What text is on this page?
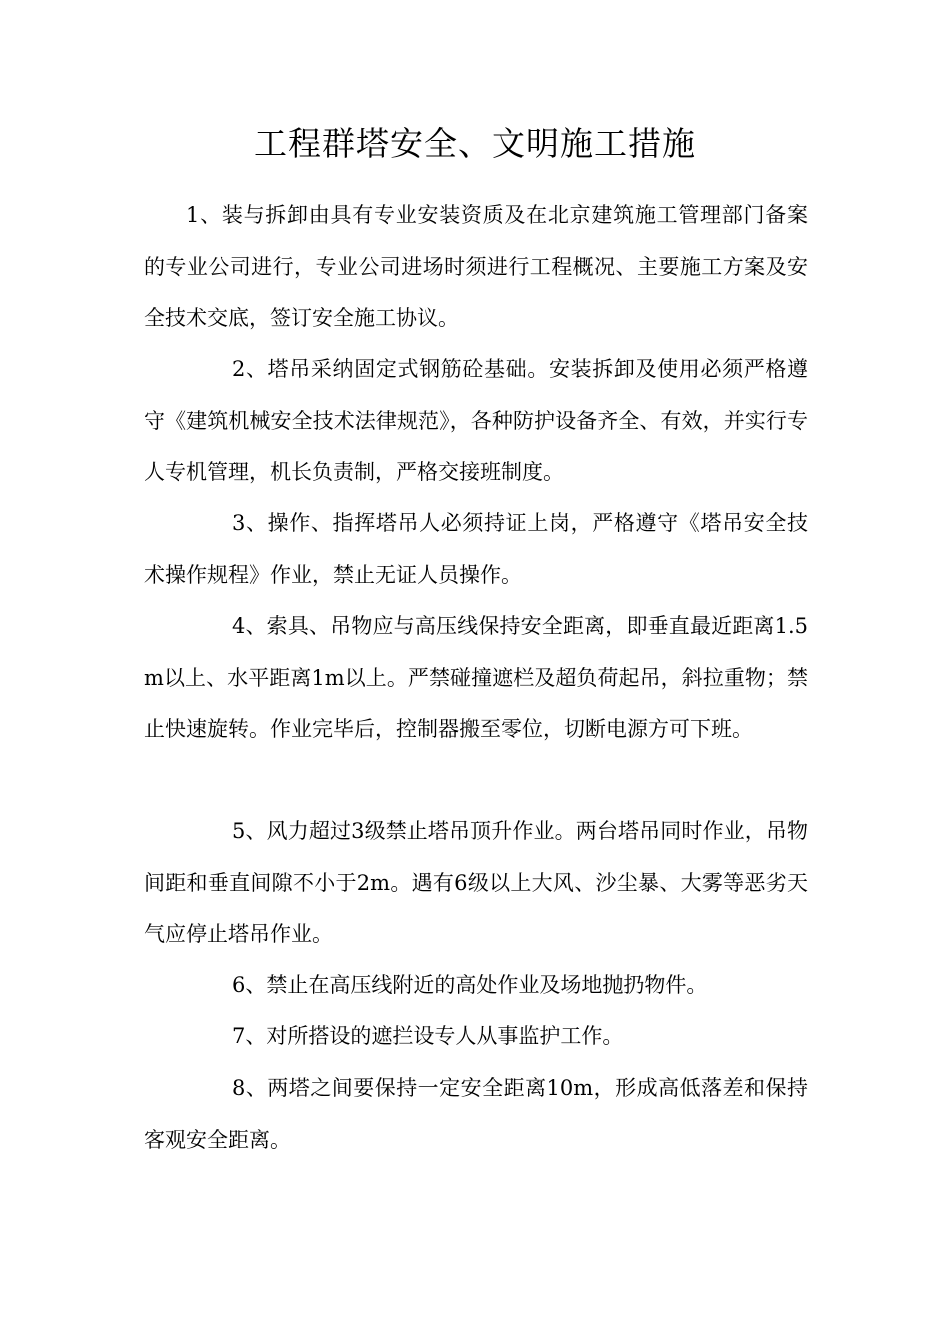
工程群塔安全、文明施工措施
1、装与拆卸由具有专业安装资质及在北京建筑施工管理部门备案的专业公司进行，专业公司进场时须进行工程概况、主要施工方案及安全技术交底，签订安全施工协议。
2、塔吊采纳固定式钢筋砼基础。安装拆卸及使用必须严格遵守《建筑机械安全技术法律规范》，各种防护设备齐全、有效，并实行专人专机管理，机长负责制，严格交接班制度。
3、操作、指挥塔吊人必须持证上岗，严格遵守《塔吊安全技术操作规程》作业，禁止无证人员操作。
4、索具、吊物应与高压线保持安全距离，即垂直最近距离1.5m以上、水平距离1m以上。严禁碰撞遮栏及超负荷起吊，斜拉重物；禁止快速旋转。作业完毕后，控制器搬至零位，切断电源方可下班。
5、风力超过3级禁止塔吊顶升作业。两台塔吊同时作业，吊物间距和垂直间隙不小于2m。遇有6级以上大风、沙尘暴、大雾等恶劣天气应停止塔吊作业。
6、禁止在高压线附近的高处作业及场地抛扔物件。
7、对所搭设的遮拦设专人从事监护工作。
8、两塔之间要保持一定安全距离10m，形成高低落差和保持客观安全距离。
